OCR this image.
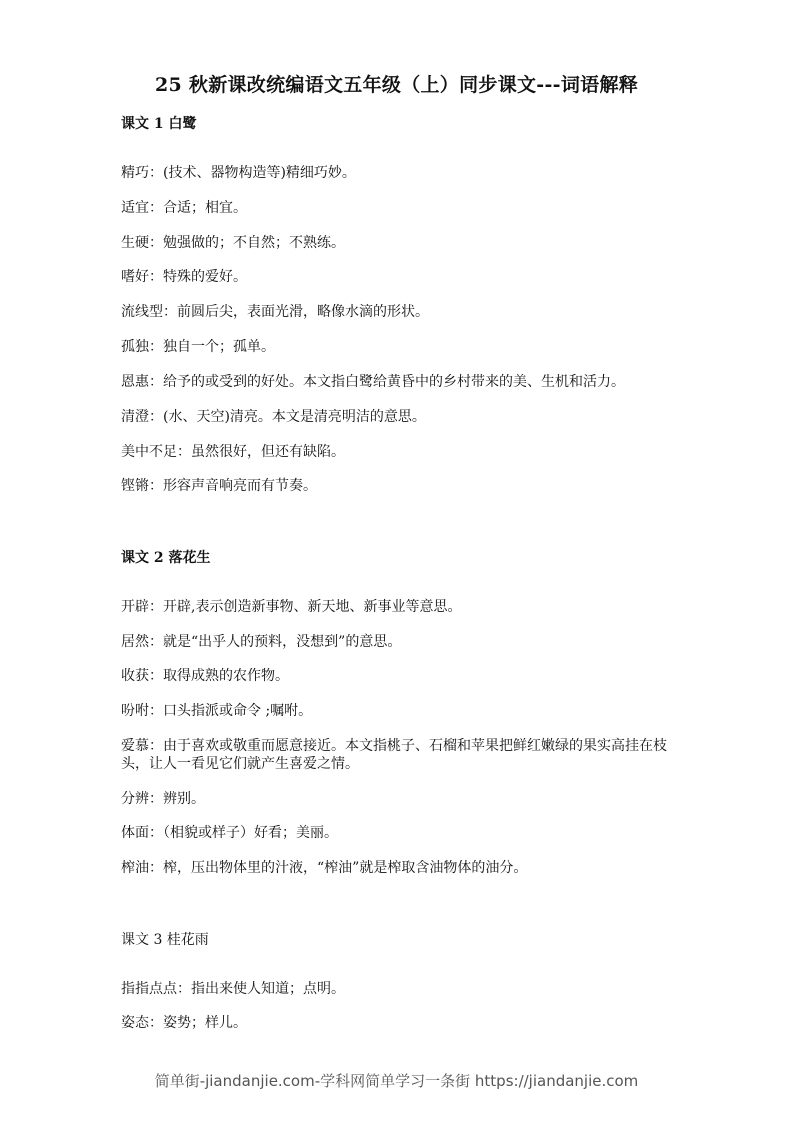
25 秋新课改统编语文五年级（上）同步课文---词语解释
课文 1 白鹭
精巧：(技术、器物构造等)精细巧妙。
适宜：合适；相宜。
生硬：勉强做的；不自然；不熟练。
嗜好：特殊的爱好。
流线型：前圆后尖，表面光滑，略像水滴的形状。
孤独：独自一个；孤单。
恩惠：给予的或受到的好处。本文指白鹭给黄昏中的乡村带来的美、生机和活力。
清澄：(水、天空)清亮。本文是清亮明洁的意思。
美中不足：虽然很好，但还有缺陷。
铿锵：形容声音响亮而有节奏。
课文 2 落花生
开辟：开辟,表示创造新事物、新天地、新事业等意思。
居然：就是“出乎人的预料，没想到”的意思。
收获：取得成熟的农作物。
吩咐：口头指派或命令 ;嘱咐。
爱慕：由于喜欢或敬重而愿意接近。本文指桃子、石榴和苹果把鲜红嫩绿的果实高挂在枝头，让人一看见它们就产生喜爱之情。
分辨：辨别。
体面：（相貌或样子）好看；美丽。
榨油：榨，压出物体里的汁液，“榨油”就是榨取含油物体的油分。
课文 3 桂花雨
指指点点：指出来使人知道；点明。
姿态：姿势；样儿。
简单街-jiandanjie.com-学科网简单学习一条街 https://jiandanjie.com
